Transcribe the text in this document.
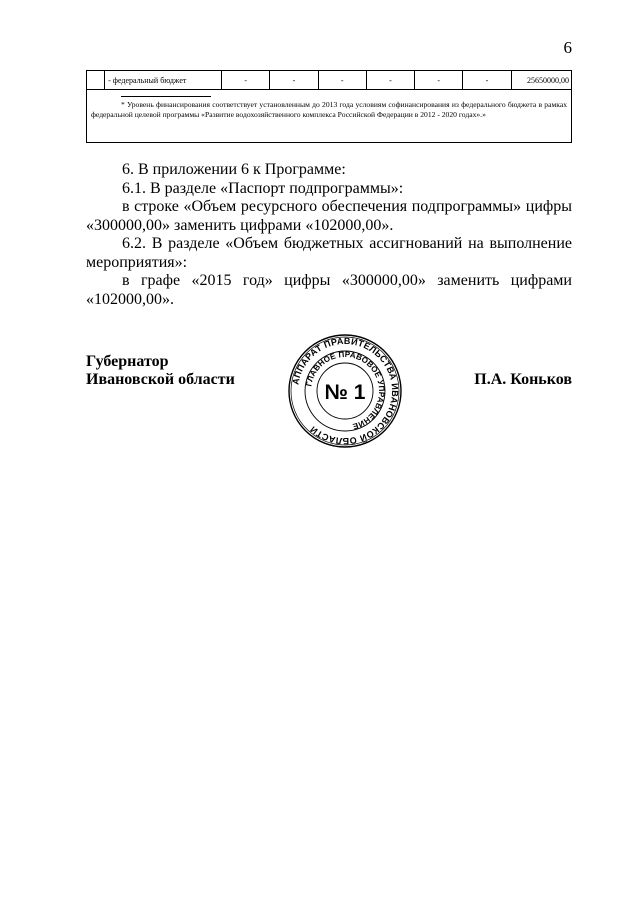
6
	- федеральный бюджет	-	-	-	-	-	-	25650000,00

* Уровень финансирования соответствует установленным до 2013 года условиям софинансирования из федерального бюджета в рамках федеральной целевой программы «Развитие водохозяйственного комплекса Российской Федерации в 2012 - 2020 годах».»

6. В приложении 6 к Программе:

6.1. В разделе «Паспорт подпрограммы»:

в строке «Объем ресурсного обеспечения подпрограммы» цифры «300000,00» заменить цифрами «102000,00».

6.2. В разделе «Объем бюджетных ассигнований на выполнение мероприятия»:

в графе «2015 год» цифры «300000,00» заменить цифрами «102000,00».

Губернатор
Ивановской области	АППАРАТ ПРАВИТЕЛЬСТВА ИВАНОВСКОЙ ОБЛАСТИ
ГЛАВНОЕ ПРАВОВОЕ УПРАВЛЕНИЕ
№ 1
П.А. Коньков
